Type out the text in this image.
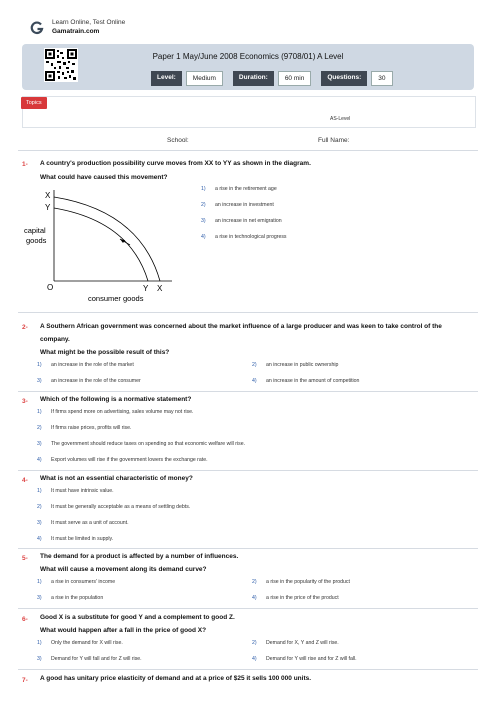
Learn Online, Test Online
Gamatrain.com
Paper 1 May/June 2008 Economics (9708/01) A Level
Level:	Medium	Duration:	60 min	Questions:	30
Topics
AS-Level
School:	Full Name:
1- A country's production possibility curve moves from XX to YY as shown in the diagram.
What could have caused this movement?
X
Y
capital
goods
O	Y X
consumer goods
1) a rise in the retirement age
2) an increase in investment
3) an increase in net emigration
4) a rise in technological progress
2- A Southern African government was concerned about the market influence of a large producer and was keen to take control of the
company.
What might be the possible result of this?
1) an increase in the role of the market	2) an increase in public ownership
3) an increase in the role of the consumer	4) an increase in the amount of competition
3- Which of the following is a normative statement?
1) If firms spend more on advertising, sales volume may not rise.
2) If firms raise prices, profits will rise.
3) The government should reduce taxes on spending so that economic welfare will rise.
4) Export volumes will rise if the government lowers the exchange rate.
4- What is not an essential characteristic of money?
1) It must have intrinsic value.
2) It must be generally acceptable as a means of settling debts.
3) It must serve as a unit of account.
4) It must be limited in supply.
5- The demand for a product is affected by a number of influences.
What will cause a movement along its demand curve?
1) a rise in consumers' income	2) a rise in the popularity of the product
3) a rise in the population	4) a rise in the price of the product
6- Good X is a substitute for good Y and a complement to good Z.
What would happen after a fall in the price of good X?
1) Only the demand for X will rise.	2) Demand for X, Y and Z will rise.
3) Demand for Y will fall and for Z will rise.	4) Demand for Y will rise and for Z will fall.
7- A good has unitary price elasticity of demand and at a price of $25 it sells 100 000 units.
